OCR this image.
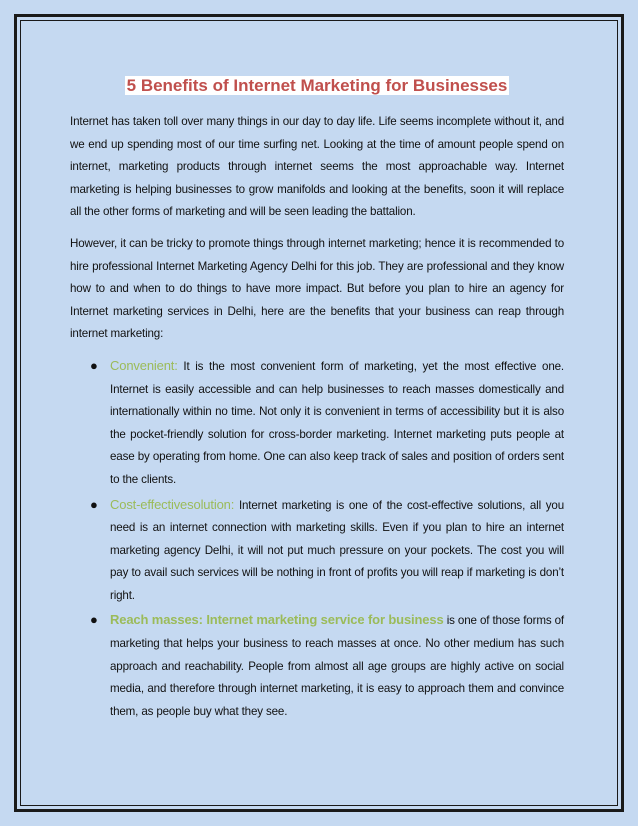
5 Benefits of Internet Marketing for Businesses

Internet has taken toll over many things in our day to day life. Life seems incomplete without it, and we end up spending most of our time surfing net. Looking at the time of amount people spend on internet, marketing products through internet seems the most approachable way. Internet marketing is helping businesses to grow manifolds and looking at the benefits, soon it will replace all the other forms of marketing and will be seen leading the battalion.

However, it can be tricky to promote things through internet marketing; hence it is recommended to hire professional Internet Marketing Agency Delhi for this job. They are professional and they know how to and when to do things to have more impact. But before you plan to hire an agency for Internet marketing services in Delhi, here are the benefits that your business can reap through internet marketing:

● Convenient: It is the most convenient form of marketing, yet the most effective one. Internet is easily accessible and can help businesses to reach masses domestically and internationally within no time. Not only it is convenient in terms of accessibility but it is also the pocket-friendly solution for cross-border marketing. Internet marketing puts people at ease by operating from home. One can also keep track of sales and position of orders sent to the clients.
● Cost-effectivesolution: Internet marketing is one of the cost-effective solutions, all you need is an internet connection with marketing skills. Even if you plan to hire an internet marketing agency Delhi, it will not put much pressure on your pockets. The cost you will pay to avail such services will be nothing in front of profits you will reap if marketing is don’t right.
● Reach masses: Internet marketing service for business is one of those forms of marketing that helps your business to reach masses at once. No other medium has such approach and reachability. People from almost all age groups are highly active on social media, and therefore through internet marketing, it is easy to approach them and convince them, as people buy what they see.
